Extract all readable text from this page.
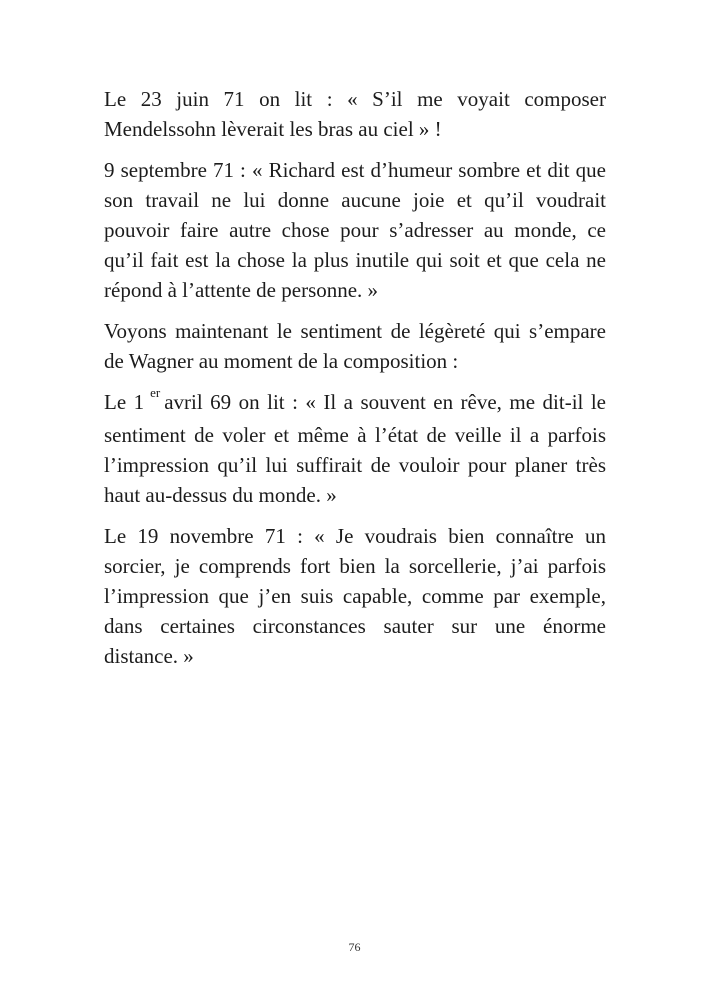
Le 23 juin 71 on lit : « S’il me voyait composer Mendelssohn lèverait les bras au ciel » !

9 septembre 71 : « Richard est d’humeur sombre et dit que son travail ne lui donne aucune joie et qu’il voudrait pouvoir faire autre chose pour s’adresser au monde, ce qu’il fait est la chose la plus inutile qui soit et que cela ne répond à l’attente de personne. »

Voyons maintenant le sentiment de légèreté qui s’empare de Wagner au moment de la composition :

Le 1 $^{er}$ avril 69 on lit : « Il a souvent en rêve, me dit-il le sentiment de voler et même à l’état de veille il a parfois l’impression qu’il lui suffirait de vouloir pour planer très haut au-dessus du monde. »

Le 19 novembre 71 : « Je voudrais bien connaître un sorcier, je comprends fort bien la sorcellerie, j’ai parfois l’impression que j’en suis capable, comme par exemple, dans certaines circonstances sauter sur une énorme distance. »

76
